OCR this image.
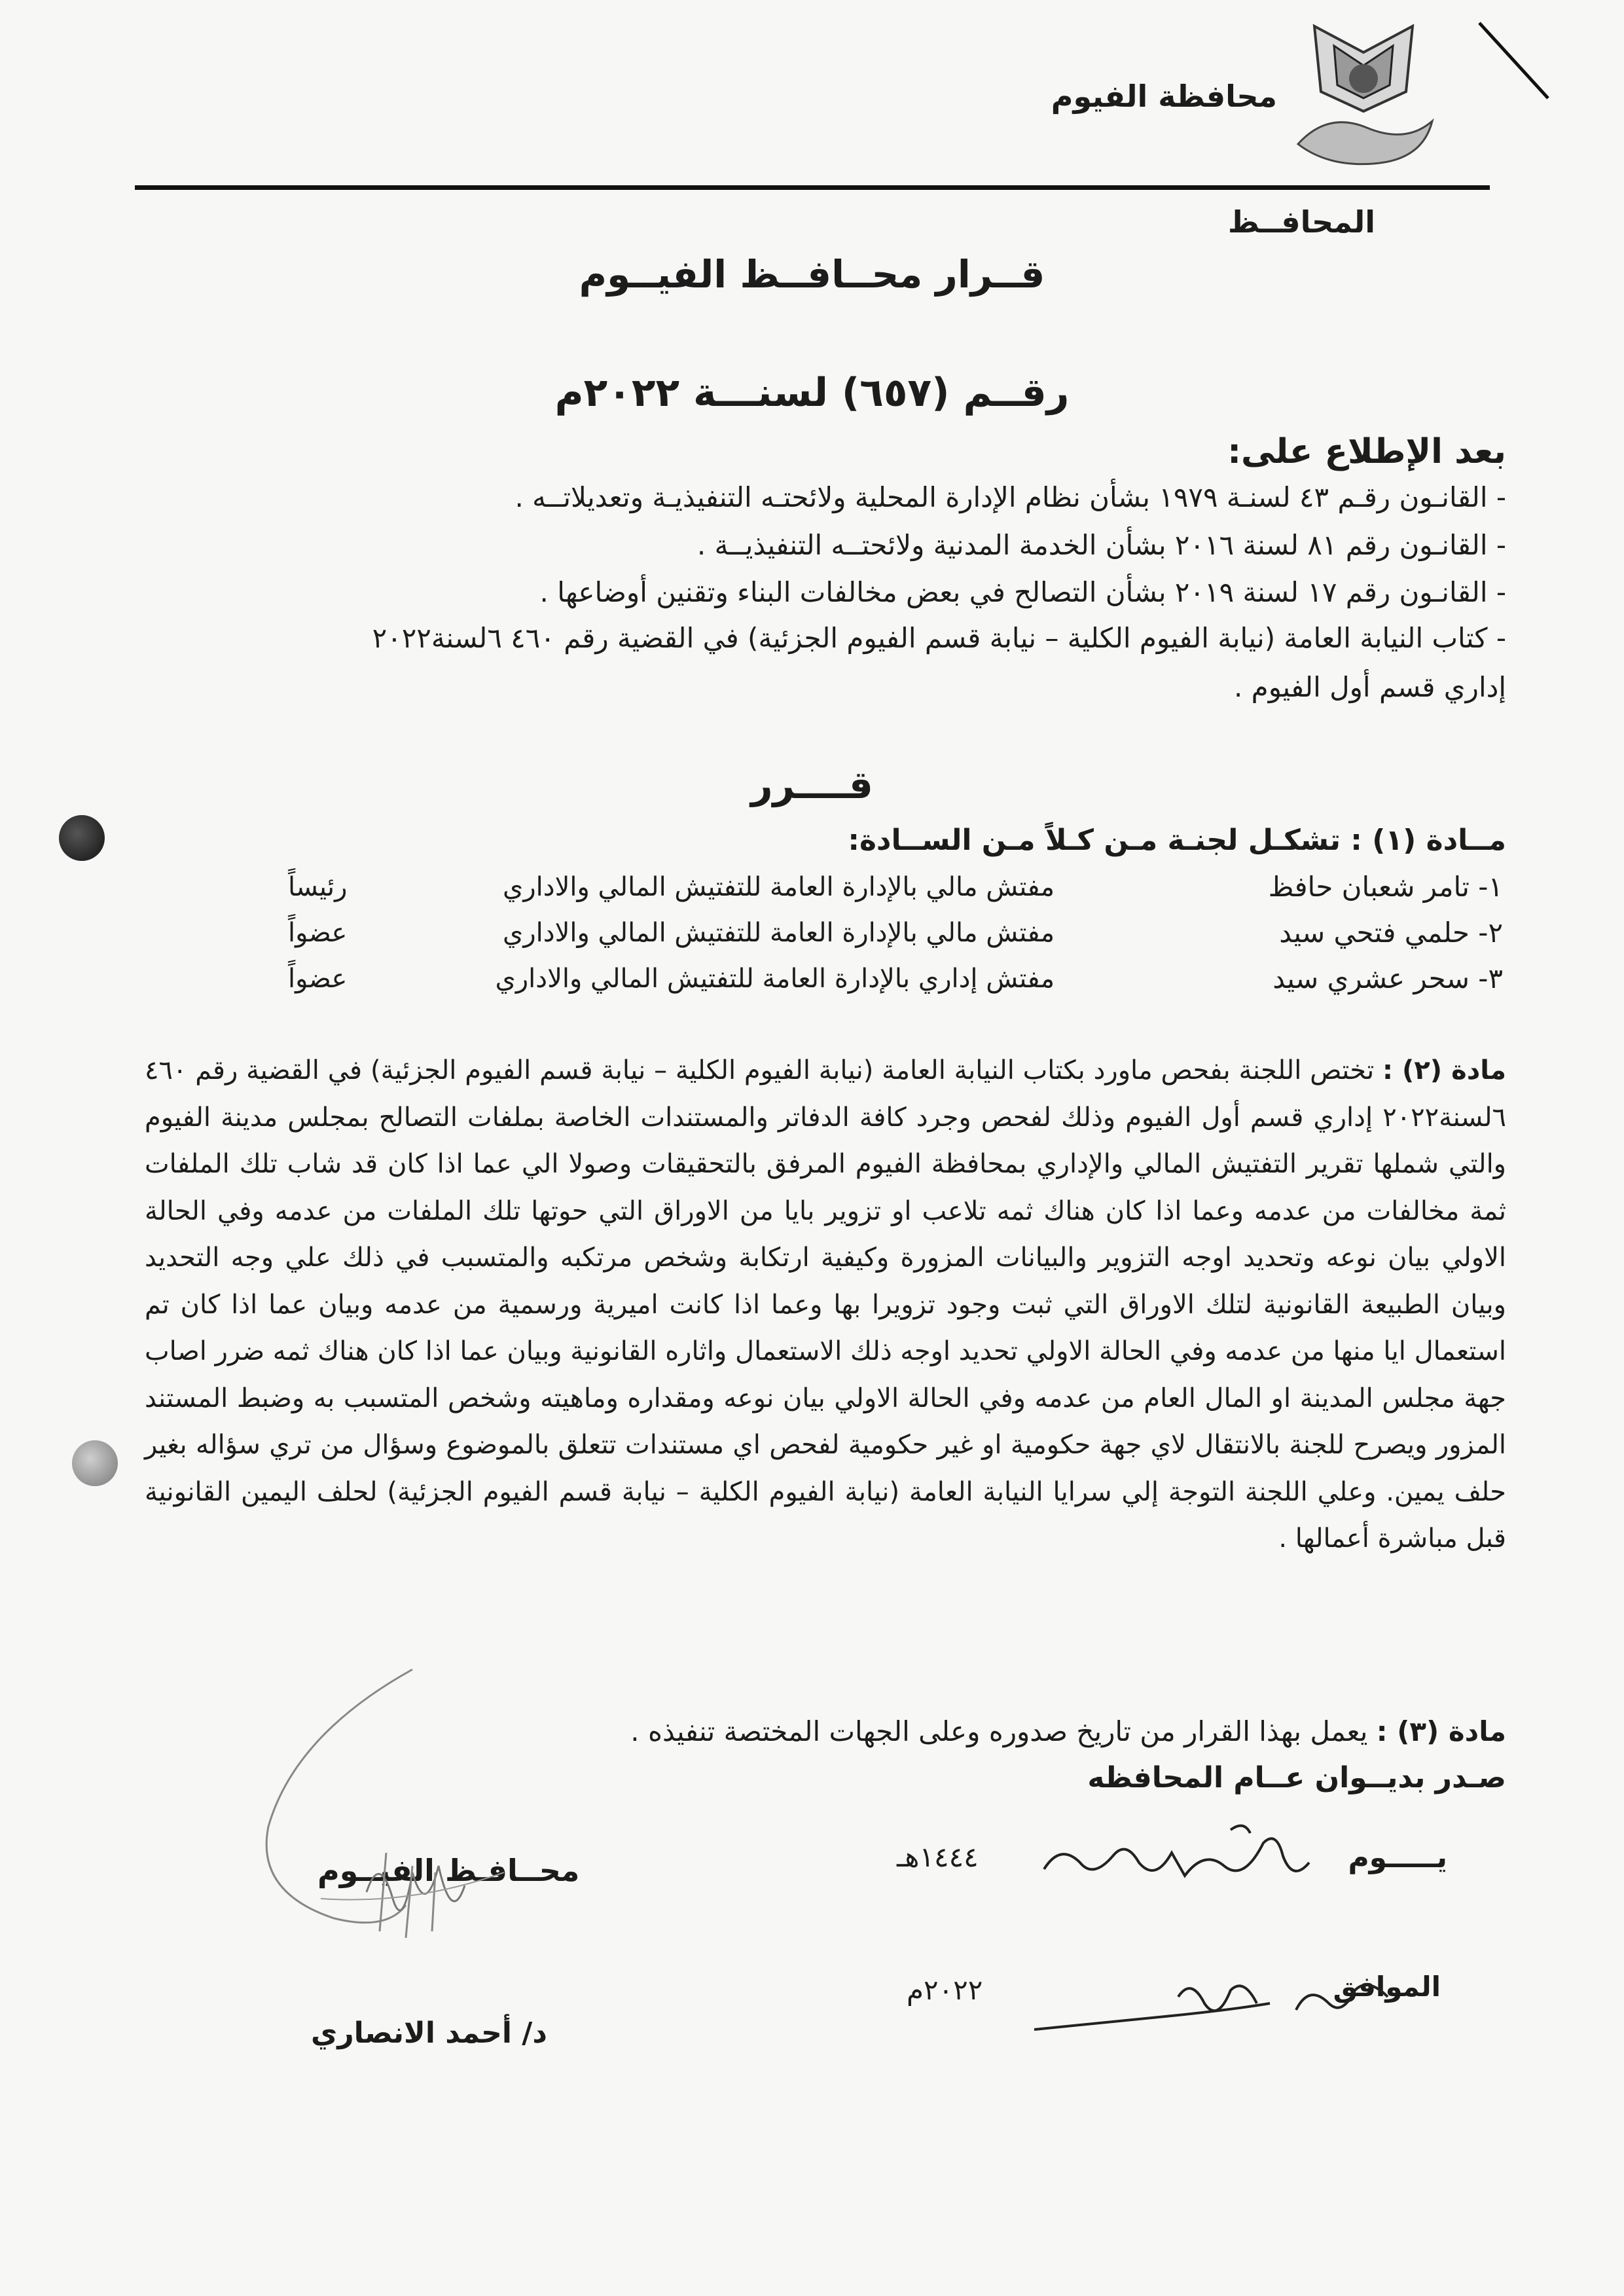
محافظة الفيوم
المحافــظ
قــرار محــافــظ الفيــوم
رقــم (٦٥٧) لسنـــة ٢٠٢٢م
بعد الإطلاع على:
- القانـون رقـم ٤٣ لسنـة ١٩٧٩ بشأن نظام الإدارة المحلية ولائحتـه التنفيذيـة وتعديلاتــه .
- القانـون رقم ٨١ لسنة ٢٠١٦ بشأن الخدمة المدنية ولائحتــه التنفيذيــة .
- القانـون رقم ١٧ لسنة ٢٠١٩ بشأن التصالح في بعض مخالفات البناء وتقنين أوضاعها .
- كتاب النيابة العامة (نيابة الفيوم الكلية – نيابة قسم الفيوم الجزئية) في القضية رقم ٤٦٠ ٦لسنة٢٠٢٢
إداري قسم أول الفيوم .
قــــرر
مــادة (١) : تشكـل لجنـة مـن كـلاً مـن الســادة:
١- تامر شعبان حافظ
مفتش مالي بالإدارة العامة للتفتيش المالي والاداري
رئيساً
٢- حلمي فتحي سيد
مفتش مالي بالإدارة العامة للتفتيش المالي والاداري
عضواً
٣- سحر عشري سيد
مفتش إداري بالإدارة العامة للتفتيش المالي والاداري
عضواً
مادة (٢) : تختص اللجنة بفحص ماورد بكتاب النيابة العامة (نيابة الفيوم الكلية – نيابة قسم الفيوم الجزئية) في القضية رقم ٤٦٠ ٦لسنة٢٠٢٢ إداري قسم أول الفيوم وذلك لفحص وجرد كافة الدفاتر والمستندات الخاصة بملفات التصالح بمجلس مدينة الفيوم والتي شملها تقرير التفتيش المالي والإداري بمحافظة الفيوم المرفق بالتحقيقات وصولا الي عما اذا كان قد شاب تلك الملفات ثمة مخالفات من عدمه وعما اذا كان هناك ثمه تلاعب او تزوير بايا من الاوراق التي حوتها تلك الملفات من عدمه وفي الحالة الاولي بيان نوعه وتحديد اوجه التزوير والبيانات المزورة وكيفية ارتكابة وشخص مرتكبه والمتسبب في ذلك علي وجه التحديد وبيان الطبيعة القانونية لتلك الاوراق التي ثبت وجود تزويرا بها وعما اذا كانت اميرية ورسمية من عدمه وبيان عما اذا كان تم استعمال ايا منها من عدمه وفي الحالة الاولي تحديد اوجه ذلك الاستعمال واثاره القانونية وبيان عما اذا كان هناك ثمه ضرر اصاب جهة مجلس المدينة او المال العام من عدمه وفي الحالة الاولي بيان نوعه ومقداره وماهيته وشخص المتسبب به وضبط المستند المزور ويصرح للجنة بالانتقال لاي جهة حكومية او غير حكومية لفحص اي مستندات تتعلق بالموضوع وسؤال من تري سؤاله بغير حلف يمين. وعلي اللجنة التوجة إلي سرايا النيابة العامة (نيابة الفيوم الكلية – نيابة قسم الفيوم الجزئية) لحلف اليمين القانونية قبل مباشرة أعمالها .
مادة (٣) : يعمل بهذا القرار من تاريخ صدوره وعلى الجهات المختصة تنفيذه .
صـدر بديــوان عــام المحافظه
يـــــوم
١٤٤٤هـ
محــافـظ الفيــوم
الموافق
٢٠٢٢م
د/ أحمد الانصاري
